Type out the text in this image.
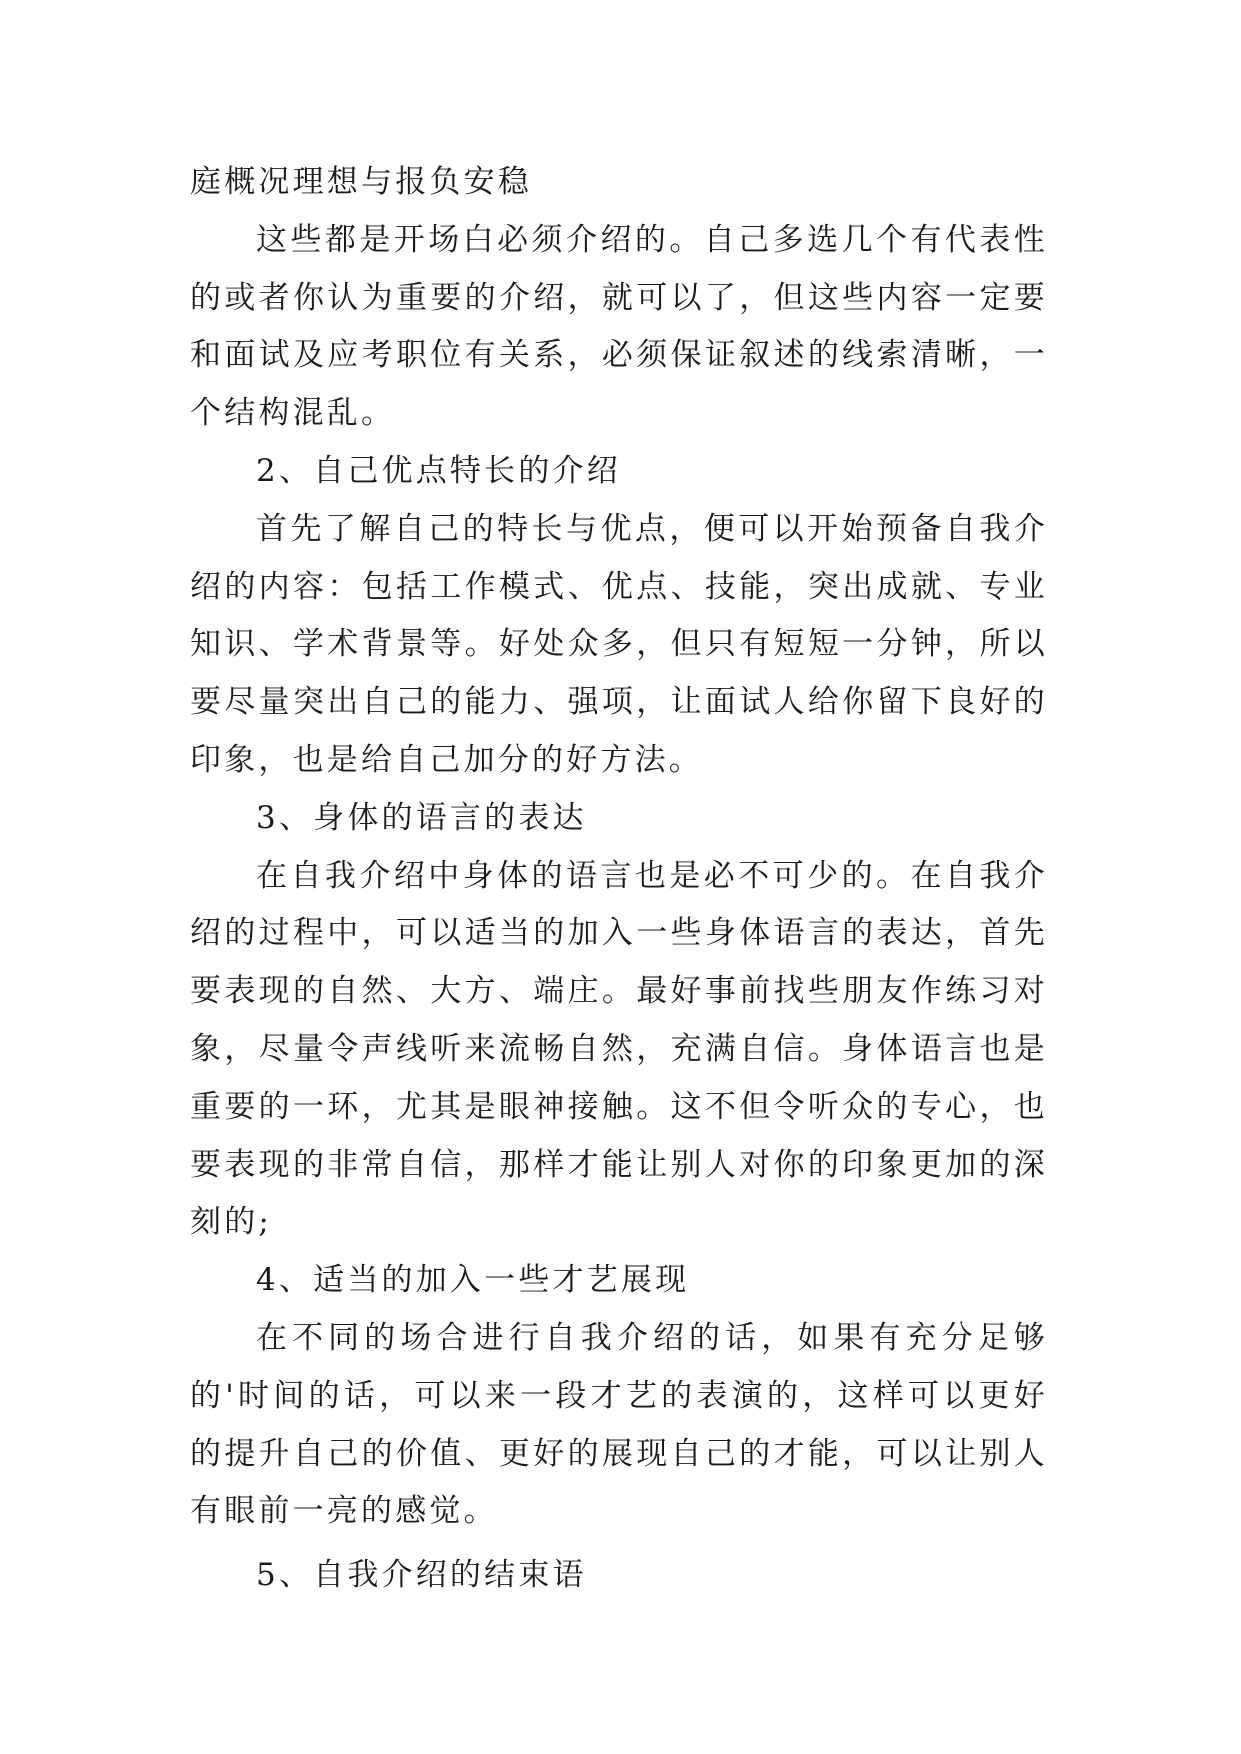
庭概况理想与报负安稳

这些都是开场白必须介绍的。自己多选几个有代表性的或者你认为重要的介绍，就可以了，但这些内容一定要和面试及应考职位有关系，必须保证叙述的线索清晰，一个结构混乱。

2、自己优点特长的介绍

首先了解自己的特长与优点，便可以开始预备自我介绍的内容：包括工作模式、优点、技能，突出成就、专业知识、学术背景等。好处众多，但只有短短一分钟，所以要尽量突出自己的能力、强项，让面试人给你留下良好的印象，也是给自己加分的好方法。

3、身体的语言的表达

在自我介绍中身体的语言也是必不可少的。在自我介绍的过程中，可以适当的加入一些身体语言的表达，首先要表现的自然、大方、端庄。最好事前找些朋友作练习对象，尽量令声线听来流畅自然，充满自信。身体语言也是重要的一环，尤其是眼神接触。这不但令听众的专心，也要表现的非常自信，那样才能让别人对你的印象更加的深刻的;

4、适当的加入一些才艺展现

在不同的场合进行自我介绍的话，如果有充分足够的'时间的话，可以来一段才艺的表演的，这样可以更好的提升自己的价值、更好的展现自己的才能，可以让别人有眼前一亮的感觉。

5、自我介绍的结束语
